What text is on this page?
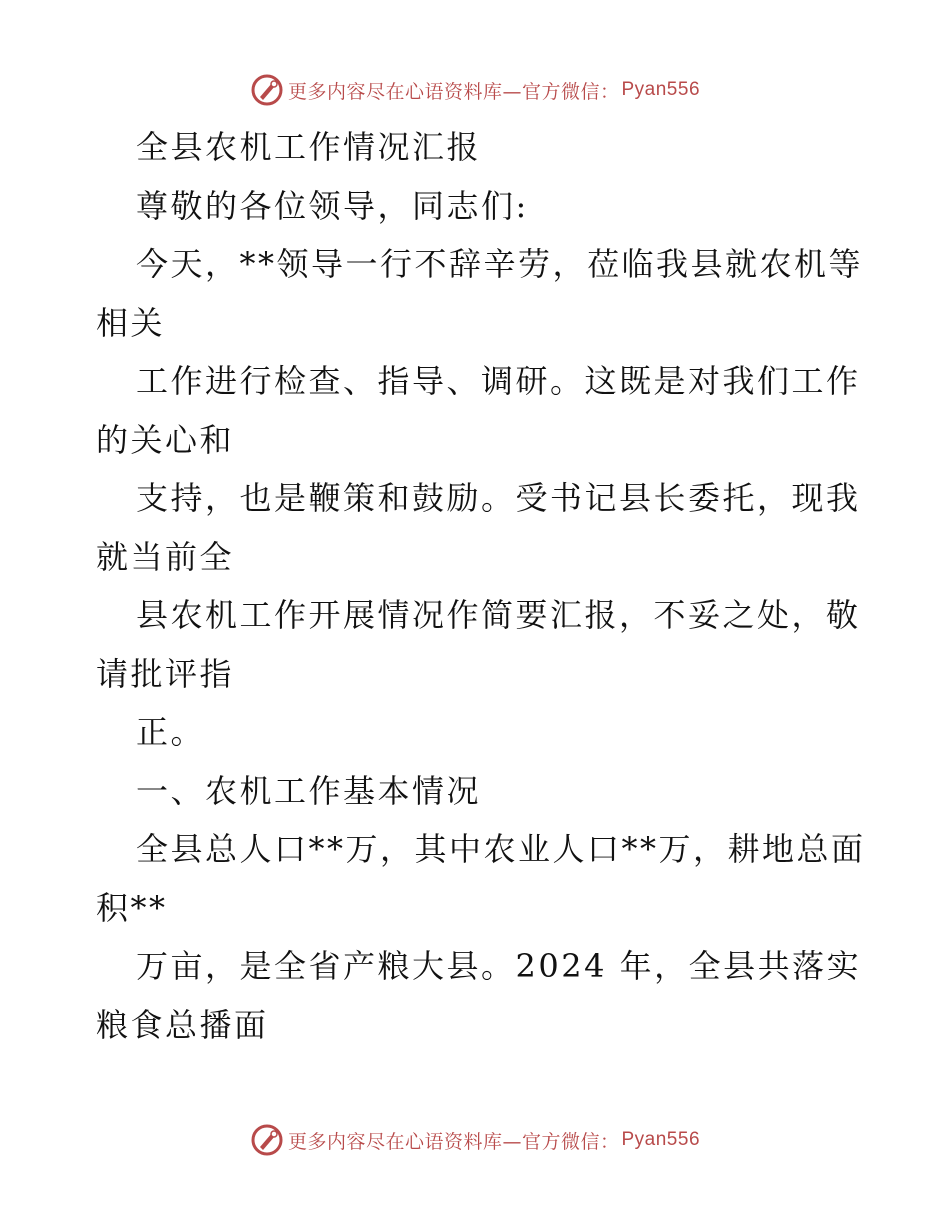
更多内容尽在心语资料库—官方微信： Pyan556
全县农机工作情况汇报
尊敬的各位领导，同志们:
今天，**领导一行不辞辛劳，莅临我县就农机等
相关
工作进行检查、指导、调研。这既是对我们工作
的关心和
支持，也是鞭策和鼓励。受书记县长委托，现我
就当前全
县农机工作开展情况作简要汇报，不妥之处，敬
请批评指
正。
一、农机工作基本情况
全县总人口**万，其中农业人口**万，耕地总面
积**
万亩，是全省产粮大县。2024 年，全县共落实
粮食总播面
更多内容尽在心语资料库—官方微信： Pyan556
